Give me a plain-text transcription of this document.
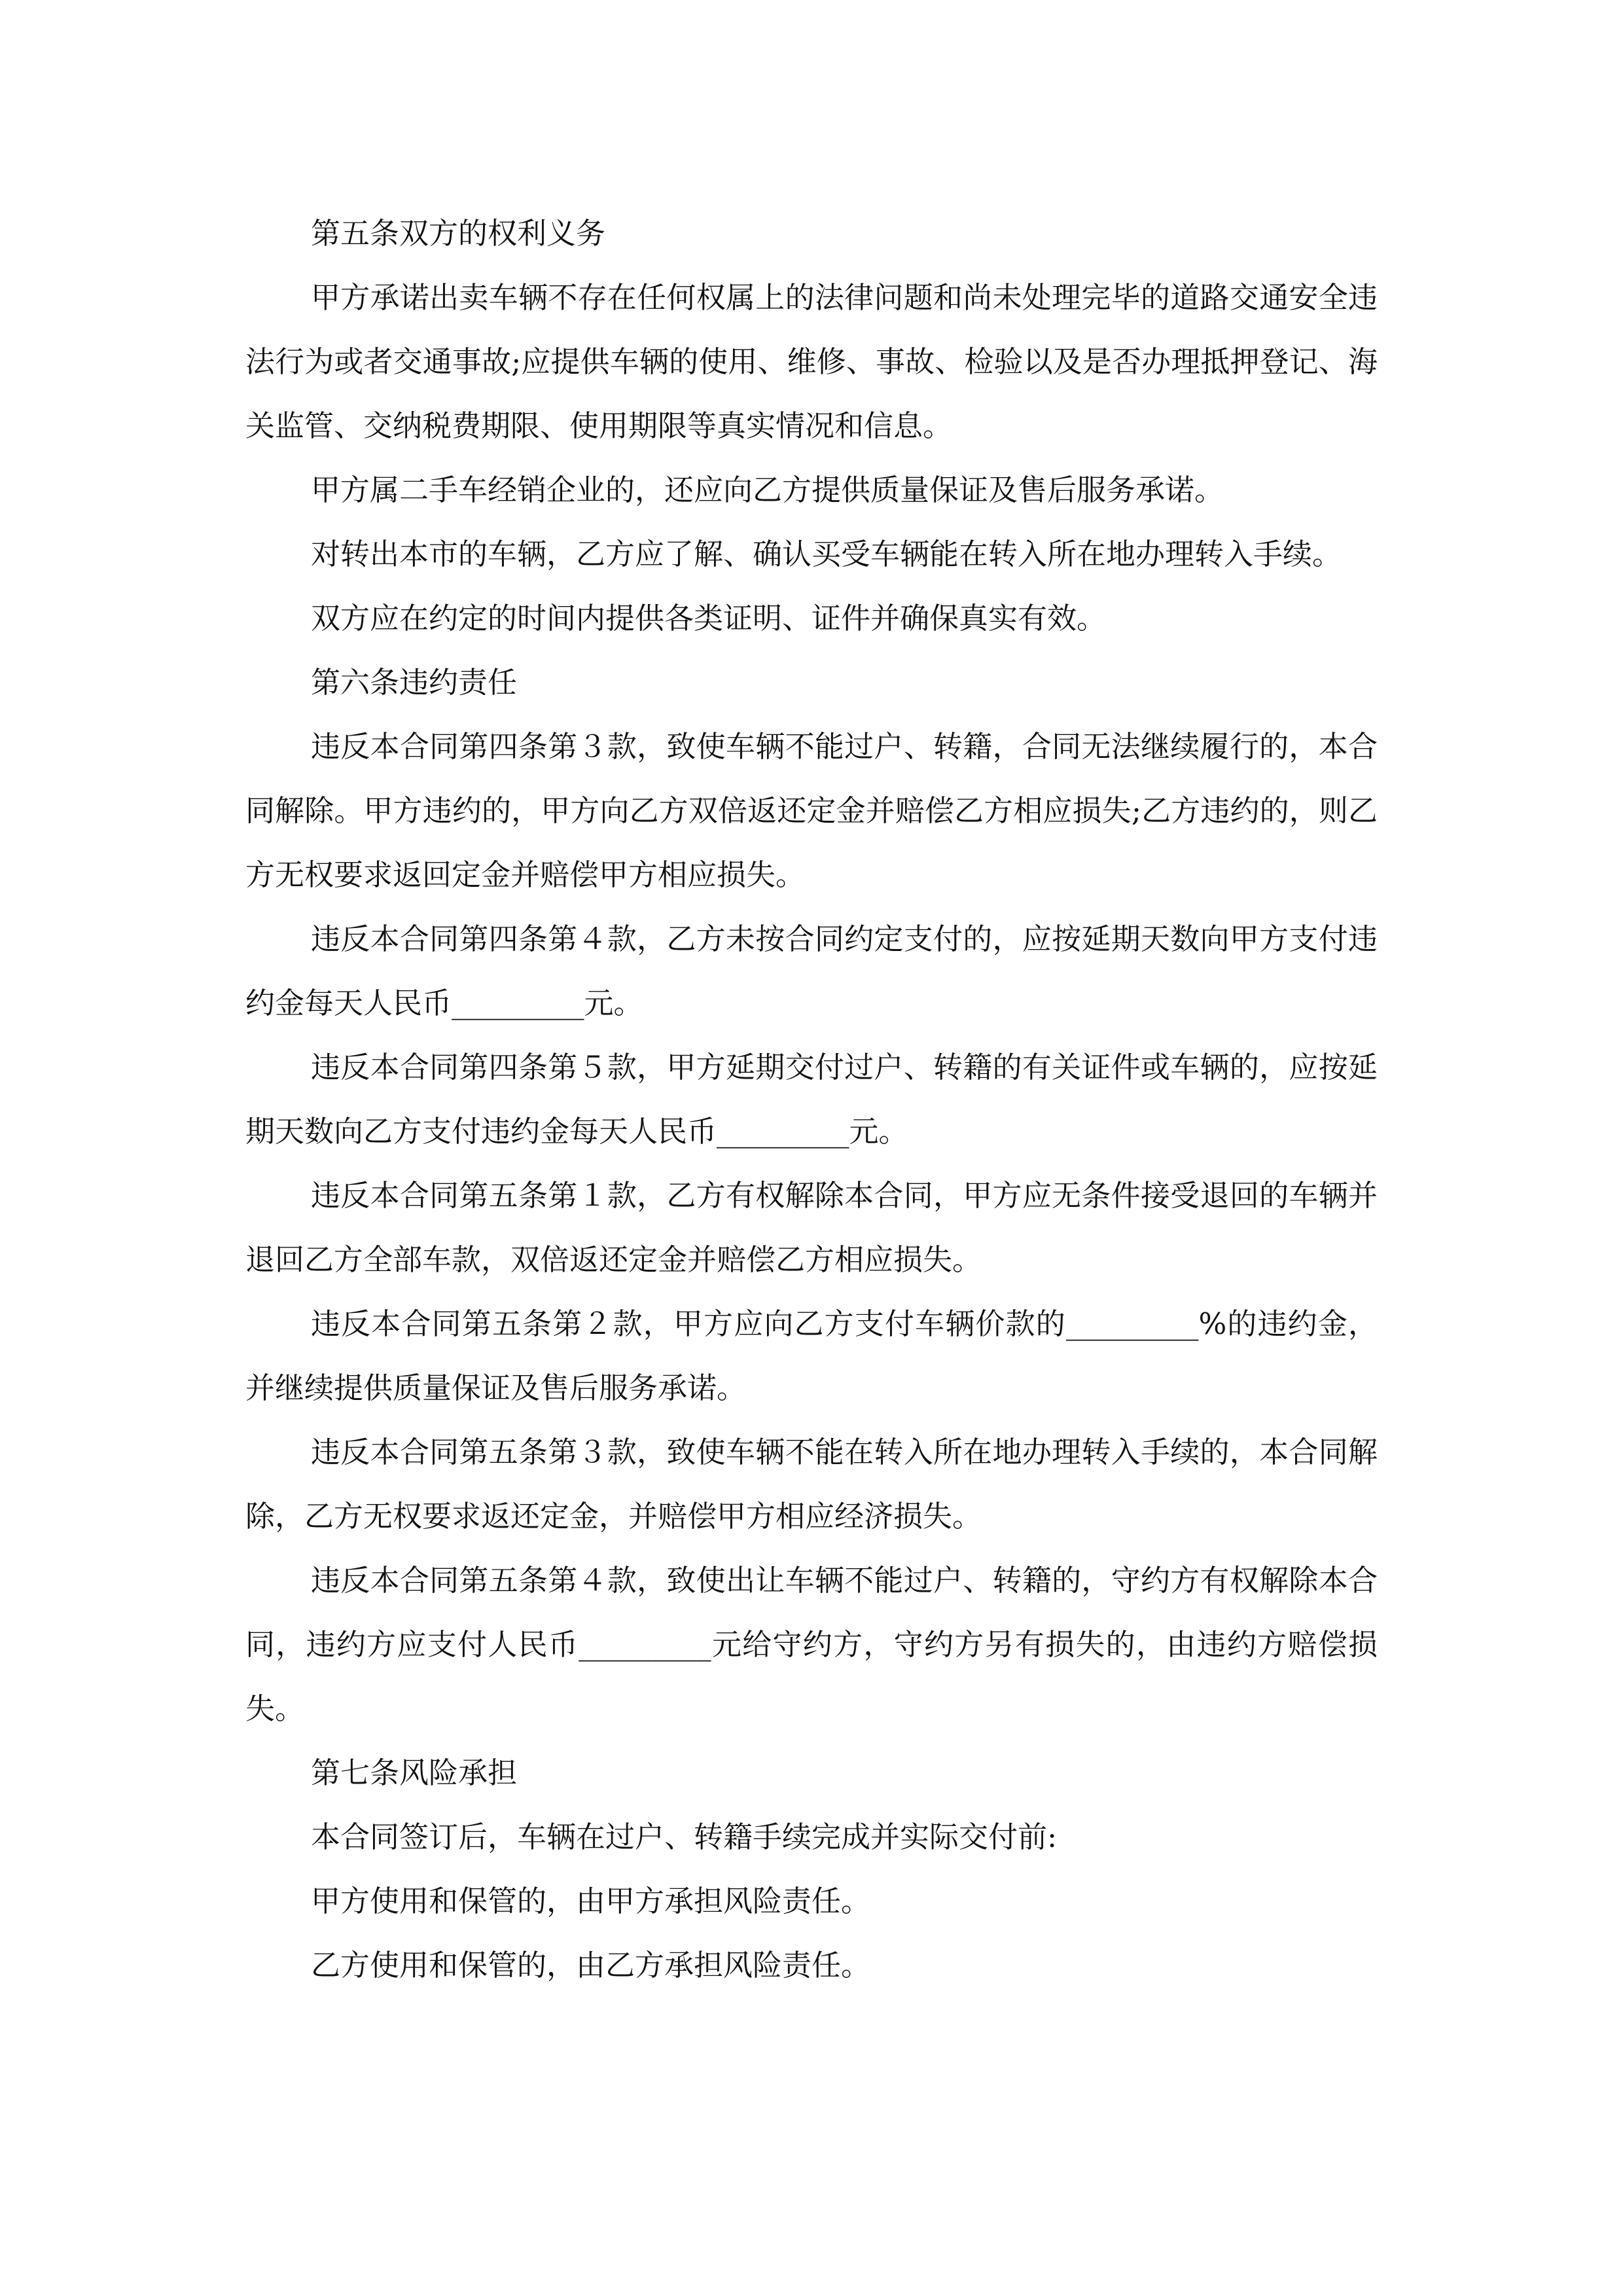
第五条双方的权利义务

甲方承诺出卖车辆不存在任何权属上的法律问题和尚未处理完毕的道路交通安全违法行为或者交通事故;应提供车辆的使用、维修、事故、检验以及是否办理抵押登记、海关监管、交纳税费期限、使用期限等真实情况和信息。

甲方属二手车经销企业的，还应向乙方提供质量保证及售后服务承诺。

对转出本市的车辆，乙方应了解、确认买受车辆能在转入所在地办理转入手续。

双方应在约定的时间内提供各类证明、证件并确保真实有效。

第六条违约责任

违反本合同第四条第３款，致使车辆不能过户、转籍，合同无法继续履行的，本合同解除。甲方违约的，甲方向乙方双倍返还定金并赔偿乙方相应损失;乙方违约的，则乙方无权要求返回定金并赔偿甲方相应损失。

违反本合同第四条第４款，乙方未按合同约定支付的，应按延期天数向甲方支付违约金每天人民币_________元。

违反本合同第四条第５款，甲方延期交付过户、转籍的有关证件或车辆的，应按延期天数向乙方支付违约金每天人民币_________元。

违反本合同第五条第１款，乙方有权解除本合同，甲方应无条件接受退回的车辆并退回乙方全部车款，双倍返还定金并赔偿乙方相应损失。

违反本合同第五条第２款，甲方应向乙方支付车辆价款的_________%的违约金，并继续提供质量保证及售后服务承诺。

违反本合同第五条第３款，致使车辆不能在转入所在地办理转入手续的，本合同解除，乙方无权要求返还定金，并赔偿甲方相应经济损失。

违反本合同第五条第４款，致使出让车辆不能过户、转籍的，守约方有权解除本合同，违约方应支付人民币_________元给守约方，守约方另有损失的，由违约方赔偿损失。

第七条风险承担

本合同签订后，车辆在过户、转籍手续完成并实际交付前:

甲方使用和保管的，由甲方承担风险责任。

乙方使用和保管的，由乙方承担风险责任。
